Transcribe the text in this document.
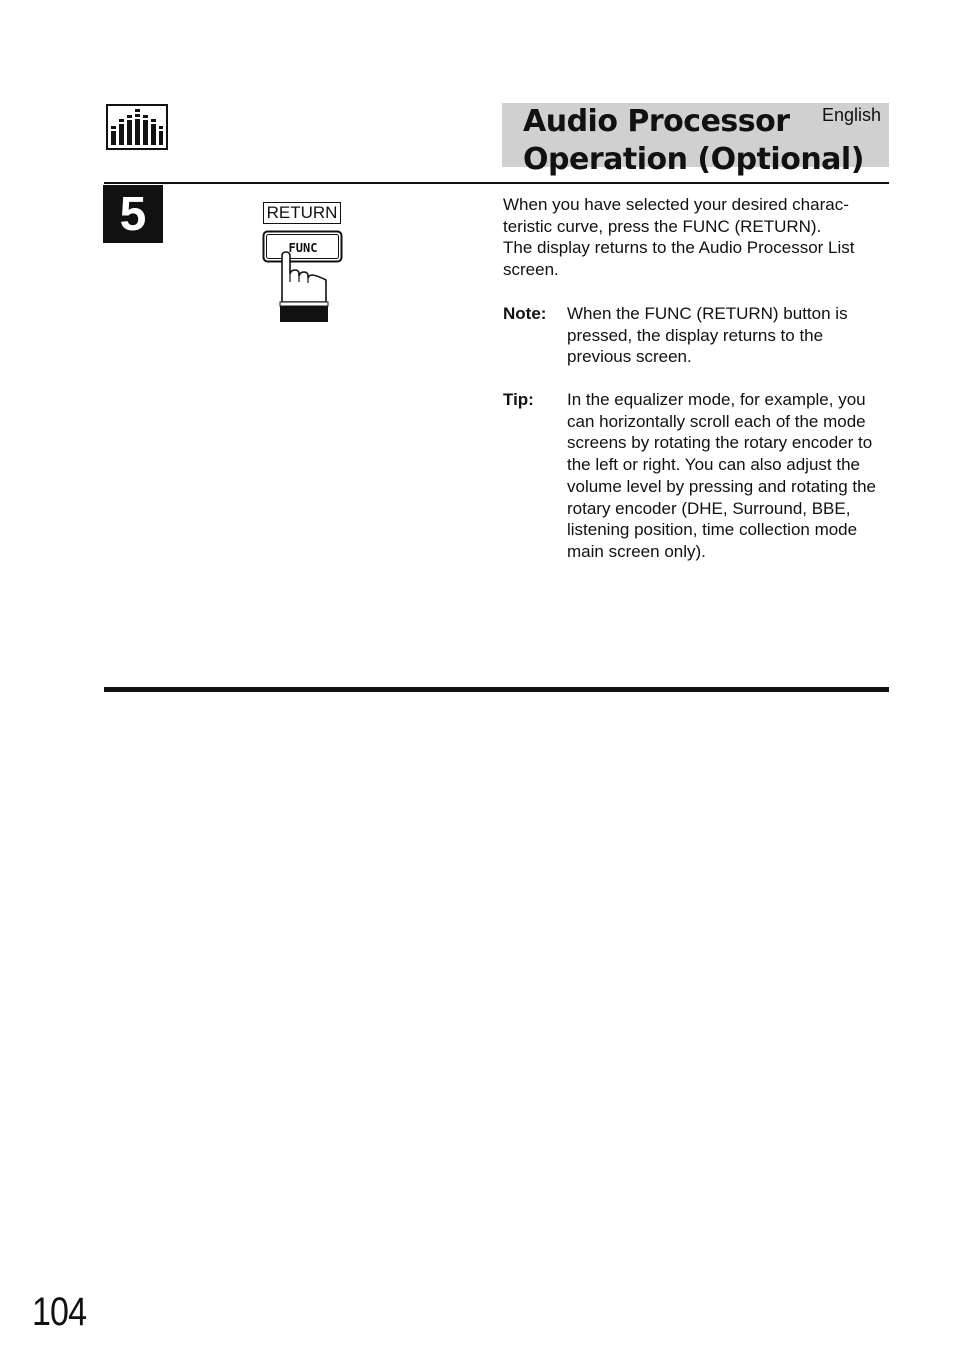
Audio Processor
Operation (Optional)
English
5	RETURN
FUNC

When you have selected your desired charac-teristic curve, press the FUNC (RETURN).

The display returns to the Audio Processor List screen.

Note: When the FUNC (RETURN) button is pressed, the display returns to the previous screen.
Tip: In the equalizer mode, for example, you can horizontally scroll each of the mode screens by rotating the rotary encoder to the left or right. You can also adjust the volume level by pressing and rotating the rotary encoder (DHE, Surround, BBE, listening position, time collection mode main screen only).
104
